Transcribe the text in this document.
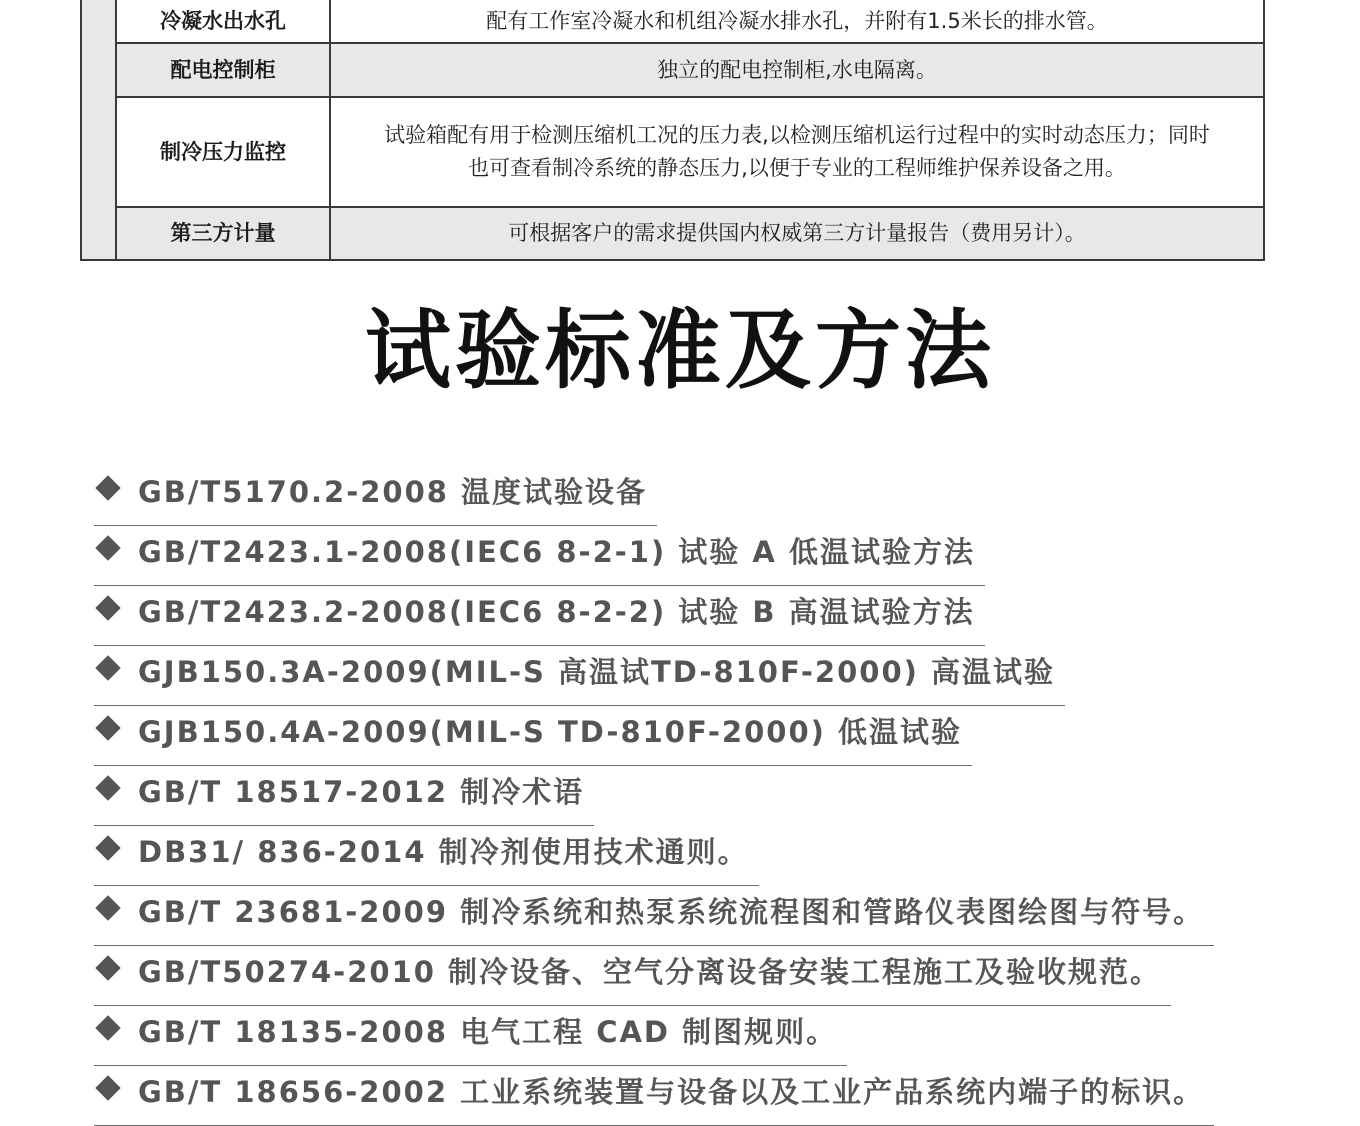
	冷凝水出水孔	配有工作室冷凝水和机组冷凝水排水孔，并附有1.5米长的排水管。

	配电控制柜	独立的配电控制柜,水电隔离。

	制冷压力监控	试验箱配有用于检测压缩机工况的压力表,以检测压缩机运行过程中的实时动态压力；同时
也可查看制冷系统的静态压力,以便于专业的工程师维护保养设备之用。

	第三方计量	可根据客户的需求提供国内权威第三方计量报告（费用另计）。
试验标准及方法
GB/T5170.2-2008 温度试验设备
GB/T2423.1-2008(IEC6 8-2-1) 试验 A 低温试验方法
GB/T2423.2-2008(IEC6 8-2-2) 试验 B 高温试验方法
GJB150.3A-2009(MIL-S 高温试TD-810F-2000) 高温试验
GJB150.4A-2009(MIL-S TD-810F-2000) 低温试验
GB/T 18517-2012 制冷术语
DB31/ 836-2014 制冷剂使用技术通则。
GB/T 23681-2009 制冷系统和热泵系统流程图和管路仪表图绘图与符号。
GB/T50274-2010 制冷设备、空气分离设备安装工程施工及验收规范。
GB/T 18135-2008 电气工程 CAD 制图规则。
GB/T 18656-2002 工业系统装置与设备以及工业产品系统内端子的标识。
